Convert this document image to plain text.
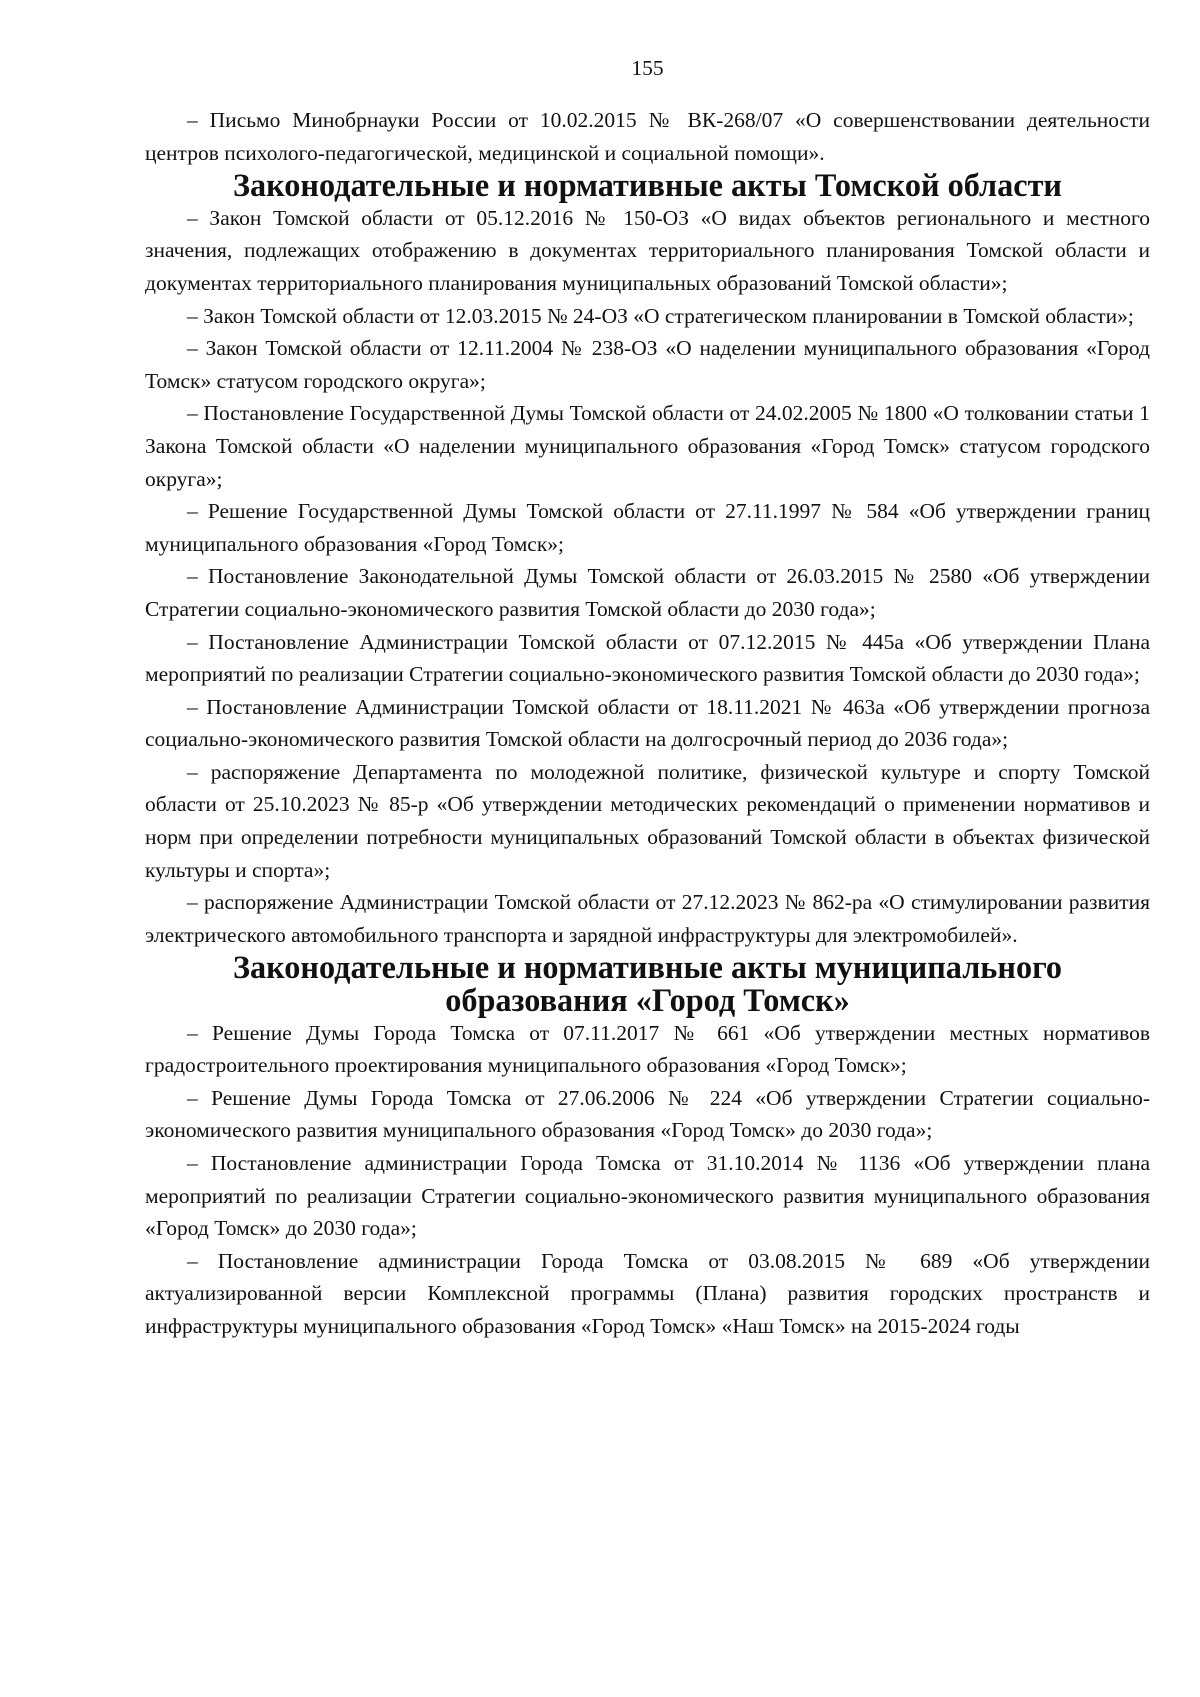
155

– Письмо Минобрнауки России от 10.02.2015 № ВК-268/07 «О совершенствовании деятельности центров психолого-педагогической, медицинской и социальной помощи».

Законодательные и нормативные акты Томской области

– Закон Томской области от 05.12.2016 № 150-ОЗ «О видах объектов регионального и местного значения, подлежащих отображению в документах территориального планирования Томской области и документах территориального планирования муниципальных образований Томской области»;

– Закон Томской области от 12.03.2015 № 24-ОЗ «О стратегическом планировании в Томской области»;

– Закон Томской области от 12.11.2004 № 238-ОЗ «О наделении муниципального образования «Город Томск» статусом городского округа»;

– Постановление Государственной Думы Томской области от 24.02.2005 № 1800 «О толковании статьи 1 Закона Томской области «О наделении муниципального образования «Город Томск» статусом городского округа»;

– Решение Государственной Думы Томской области от 27.11.1997 № 584 «Об утверждении границ муниципального образования «Город Томск»;

– Постановление Законодательной Думы Томской области от 26.03.2015 № 2580 «Об утверждении Стратегии социально-экономического развития Томской области до 2030 года»;

– Постановление Администрации Томской области от 07.12.2015 № 445а «Об утверждении Плана мероприятий по реализации Стратегии социально-экономического развития Томской области до 2030 года»;

– Постановление Администрации Томской области от 18.11.2021 № 463а «Об утверждении прогноза социально-экономического развития Томской области на долгосрочный период до 2036 года»;

– распоряжение Департамента по молодежной политике, физической культуре и спорту Томской области от 25.10.2023 № 85-р «Об утверждении методических рекомендаций о применении нормативов и норм при определении потребности муниципальных образований Томской области в объектах физической культуры и спорта»;

– распоряжение Администрации Томской области от 27.12.2023 № 862-ра «О стимулировании развития электрического автомобильного транспорта и зарядной инфраструктуры для электромобилей».

Законодательные и нормативные акты муниципального образования «Город Томск»

– Решение Думы Города Томска от 07.11.2017 № 661 «Об утверждении местных нормативов градостроительного проектирования муниципального образования «Город Томск»;

– Решение Думы Города Томска от 27.06.2006 № 224 «Об утверждении Стратегии социально-экономического развития муниципального образования «Город Томск» до 2030 года»;

– Постановление администрации Города Томска от 31.10.2014 № 1136 «Об утверждении плана мероприятий по реализации Стратегии социально-экономического развития муниципального образования «Город Томск» до 2030 года»;

– Постановление администрации Города Томска от 03.08.2015 № 689 «Об утверждении актуализированной версии Комплексной программы (Плана) развития городских пространств и инфраструктуры муниципального образования «Город Томск» «Наш Томск» на 2015-2024 годы
